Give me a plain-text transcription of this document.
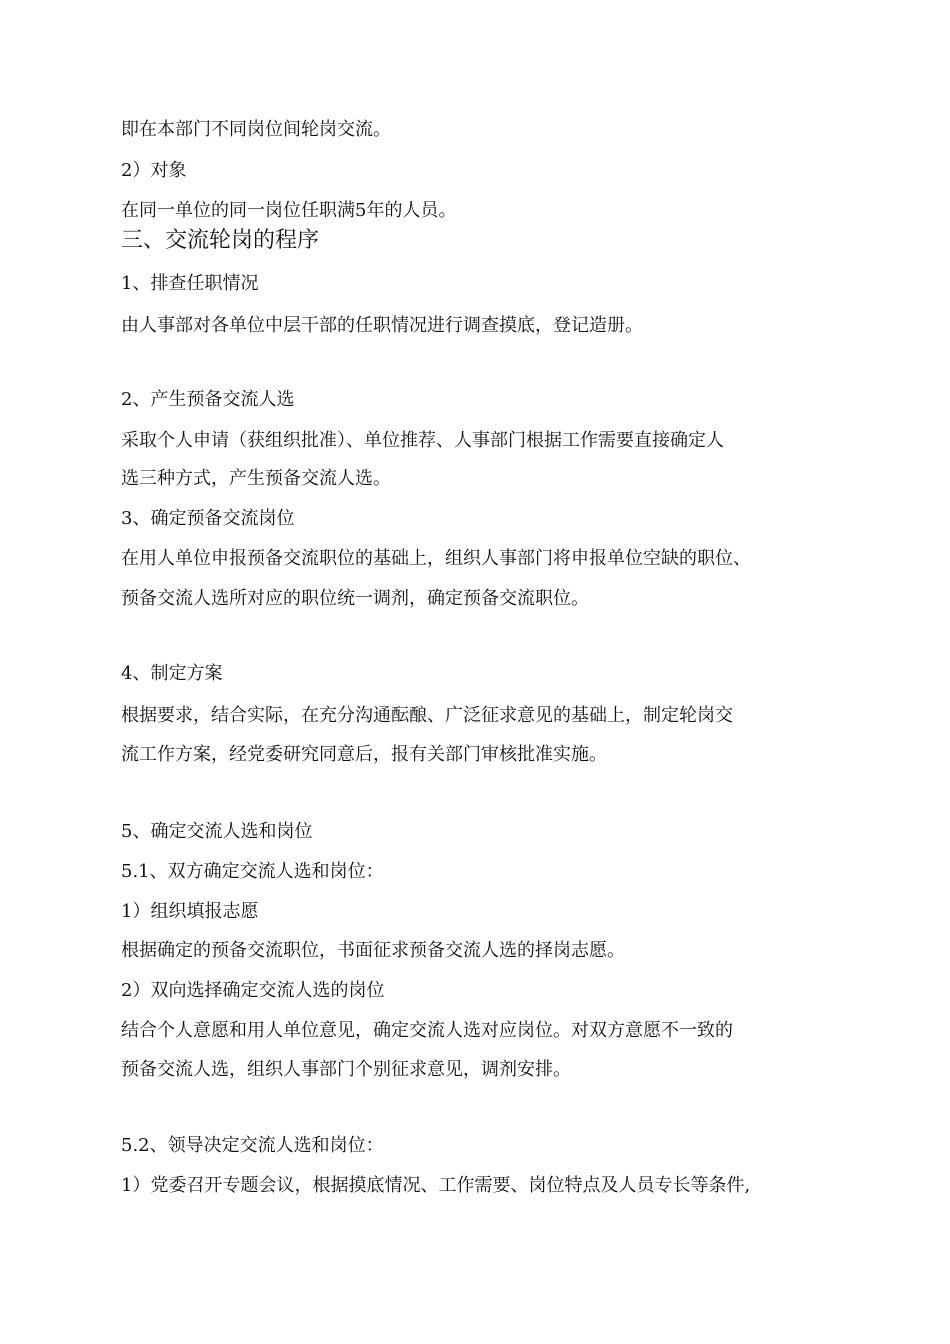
即在本部门不同岗位间轮岗交流。

2）对象

在同一单位的同一岗位任职满5年的人员。

三、交流轮岗的程序

1、排查任职情况

由人事部对各单位中层干部的任职情况进行调查摸底，登记造册。

2、产生预备交流人选

采取个人申请（获组织批准）、单位推荐、人事部门根据工作需要直接确定人

选三种方式，产生预备交流人选。

3、确定预备交流岗位

在用人单位申报预备交流职位的基础上，组织人事部门将申报单位空缺的职位、

预备交流人选所对应的职位统一调剂，确定预备交流职位。

4、制定方案

根据要求，结合实际，在充分沟通酝酿、广泛征求意见的基础上，制定轮岗交

流工作方案，经党委研究同意后，报有关部门审核批准实施。

5、确定交流人选和岗位

5.1、双方确定交流人选和岗位：

1）组织填报志愿

根据确定的预备交流职位，书面征求预备交流人选的择岗志愿。

2）双向选择确定交流人选的岗位

结合个人意愿和用人单位意见，确定交流人选对应岗位。对双方意愿不一致的

预备交流人选，组织人事部门个别征求意见，调剂安排。

5.2、领导决定交流人选和岗位：

1）党委召开专题会议，根据摸底情况、工作需要、岗位特点及人员专长等条件,
